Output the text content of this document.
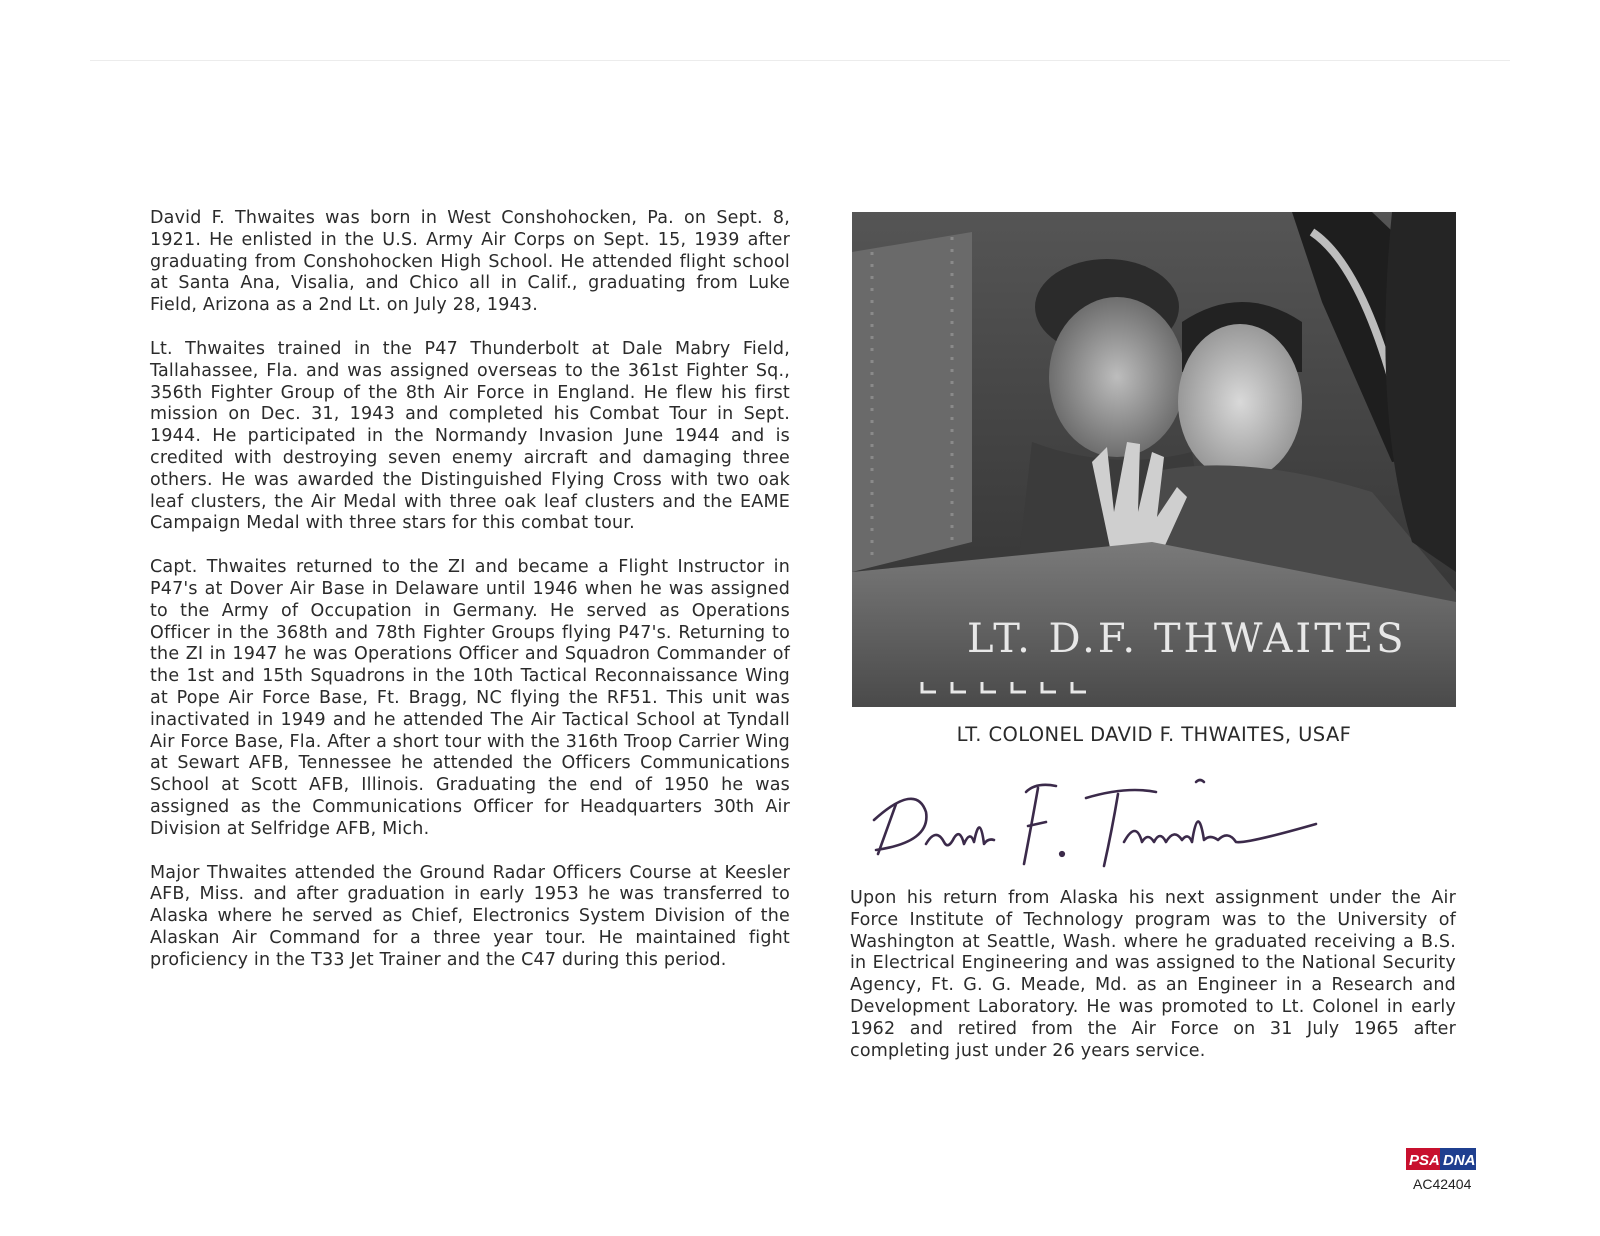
David F. Thwaites was born in West Conshohocken, Pa. on Sept. 8, 1921. He enlisted in the U.S. Army Air Corps on Sept. 15, 1939 after graduating from Conshohocken High School. He attended flight school at Santa Ana, Visalia, and Chico all in Calif., graduating from Luke Field, Arizona as a 2nd Lt. on July 28, 1943.

Lt. Thwaites trained in the P47 Thunderbolt at Dale Mabry Field, Tallahassee, Fla. and was assigned overseas to the 361st Fighter Sq., 356th Fighter Group of the 8th Air Force in England. He flew his first mission on Dec. 31, 1943 and completed his Combat Tour in Sept. 1944. He participated in the Normandy Invasion June 1944 and is credited with destroying seven enemy aircraft and damaging three others. He was awarded the Distinguished Flying Cross with two oak leaf clusters, the Air Medal with three oak leaf clusters and the EAME Campaign Medal with three stars for this combat tour.

Capt. Thwaites returned to the ZI and became a Flight Instructor in P47's at Dover Air Base in Delaware until 1946 when he was assigned to the Army of Occupation in Germany. He served as Operations Officer in the 368th and 78th Fighter Groups flying P47's. Returning to the ZI in 1947 he was Operations Officer and Squadron Commander of the 1st and 15th Squadrons in the 10th Tactical Reconnaissance Wing at Pope Air Force Base, Ft. Bragg, NC flying the RF51. This unit was inactivated in 1949 and he attended The Air Tactical School at Tyndall Air Force Base, Fla. After a short tour with the 316th Troop Carrier Wing at Sewart AFB, Tennessee he attended the Officers Communications School at Scott AFB, Illinois. Graduating the end of 1950 he was assigned as the Communications Officer for Headquarters 30th Air Division at Selfridge AFB, Mich.

Major Thwaites attended the Ground Radar Officers Course at Keesler AFB, Miss. and after graduation in early 1953 he was transferred to Alaska where he served as Chief, Electronics System Division of the Alaskan Air Command for a three year tour. He maintained fight proficiency in the T33 Jet Trainer and the C47 during this period.

LT. D.F. THWAITES
LT. COLONEL DAVID F. THWAITES, USAF

Upon his return from Alaska his next assignment under the Air Force Institute of Technology program was to the University of Washington at Seattle, Wash. where he graduated receiving a B.S. in Electrical Engineering and was assigned to the National Security Agency, Ft. G. G. Meade, Md. as an Engineer in a Research and Development Laboratory. He was promoted to Lt. Colonel in early 1962 and retired from the Air Force on 31 July 1965 after completing just under 26 years service.

PSA DNA
AC42404
